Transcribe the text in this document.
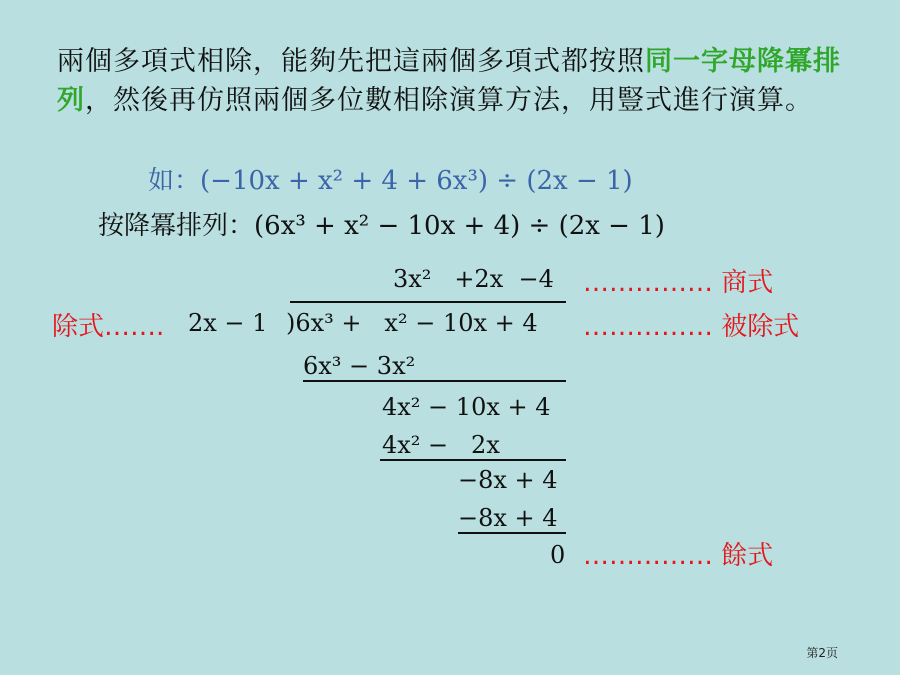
兩個多項式相除，能夠先把這兩個多項式都按照同一字母降冪排列，然後再仿照兩個多位數相除演算方法，用豎式進行演算。
如：(−10x + x² + 4 + 6x³) ÷ (2x − 1)
按降冪排列：(6x³ + x² − 10x + 4) ÷ (2x − 1)
3x²   +2x  −4 …………… 商式
除式……. 2x − 1 )6x³ +   x² − 10x + 4 …………… 被除式
6x³ − 3x²
4x² − 10x + 4
4x² −   2x
−8x + 4
−8x + 4
0 …………… 餘式
第2页
